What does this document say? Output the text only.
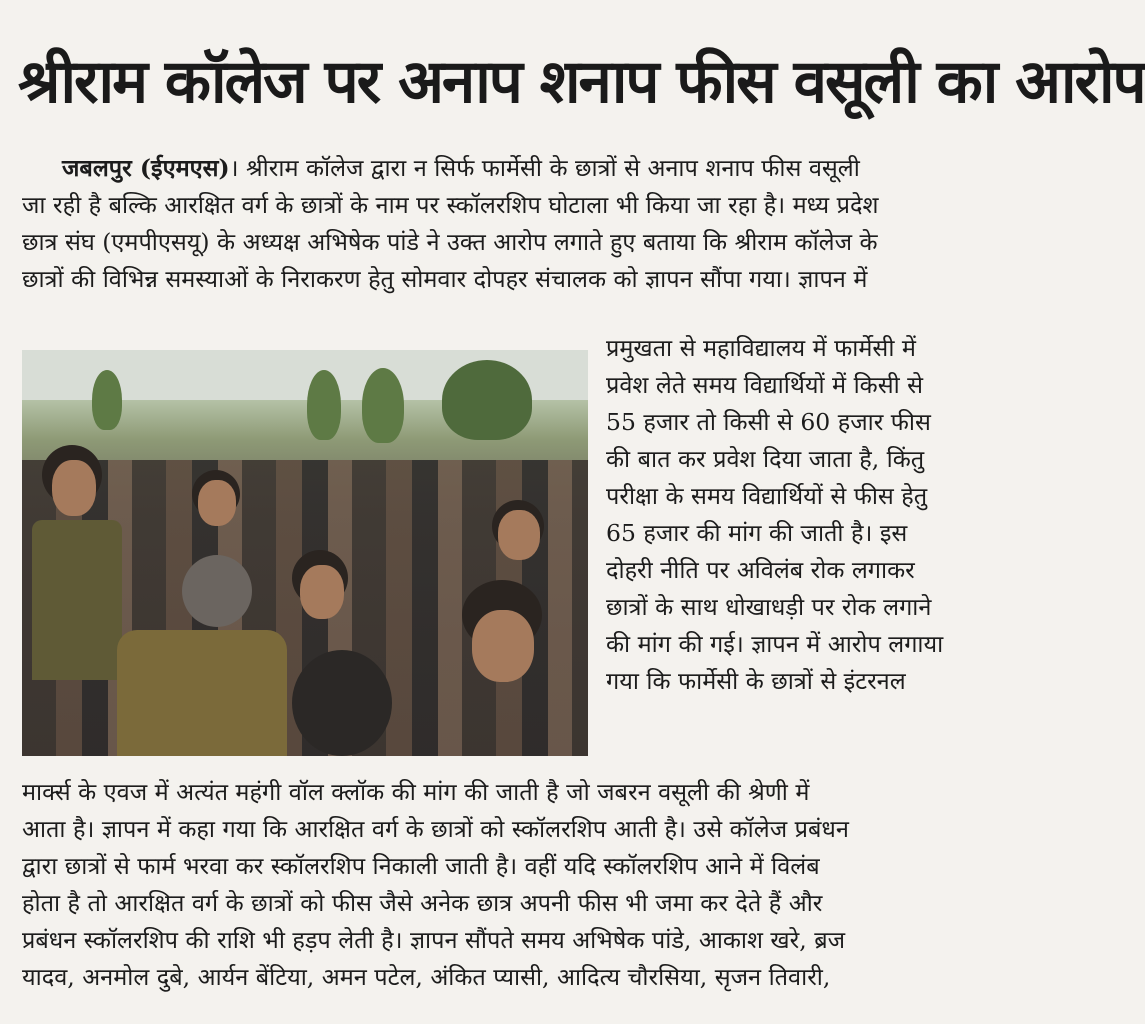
श्रीराम कॉलेज पर अनाप शनाप फीस वसूली का आरोप
जबलपुर (ईएमएस)। श्रीराम कॉलेज द्वारा न सिर्फ फार्मेसी के छात्रों से अनाप शनाप फीस वसूली
जा रही है बल्कि आरक्षित वर्ग के छात्रों के नाम पर स्कॉलरशिप घोटाला भी किया जा रहा है। मध्य प्रदेश
छात्र संघ (एमपीएसयू) के अध्यक्ष अभिषेक पांडे ने उक्त आरोप लगाते हुए बताया कि श्रीराम कॉलेज के
छात्रों की विभिन्न समस्याओं के निराकरण हेतु सोमवार दोपहर संचालक को ज्ञापन सौंपा गया। ज्ञापन में
प्रमुखता से महाविद्यालय में फार्मेसी में
प्रवेश लेते समय विद्यार्थियों में किसी से
55 हजार तो किसी से 60 हजार फीस
की बात कर प्रवेश दिया जाता है, किंतु
परीक्षा के समय विद्यार्थियों से फीस हेतु
65 हजार की मांग की जाती है। इस
दोहरी नीति पर अविलंब रोक लगाकर
छात्रों के साथ धोखाधड़ी पर रोक लगाने
की मांग की गई। ज्ञापन में आरोप लगाया
गया कि फार्मेसी के छात्रों से इंटरनल
मार्क्स के एवज में अत्यंत महंगी वॉल क्लॉक की मांग की जाती है जो जबरन वसूली की श्रेणी में
आता है। ज्ञापन में कहा गया कि आरक्षित वर्ग के छात्रों को स्कॉलरशिप आती है। उसे कॉलेज प्रबंधन
द्वारा छात्रों से फार्म भरवा कर स्कॉलरशिप निकाली जाती है। वहीं यदि स्कॉलरशिप आने में विलंब
होता है तो आरक्षित वर्ग के छात्रों को फीस जैसे अनेक छात्र अपनी फीस भी जमा कर देते हैं और
प्रबंधन स्कॉलरशिप की राशि भी हड़प लेती है। ज्ञापन सौंपते समय अभिषेक पांडे, आकाश खरे, ब्रज
यादव, अनमोल दुबे, आर्यन बेंटिया, अमन पटेल, अंकित प्यासी, आदित्य चौरसिया, सृजन तिवारी,
